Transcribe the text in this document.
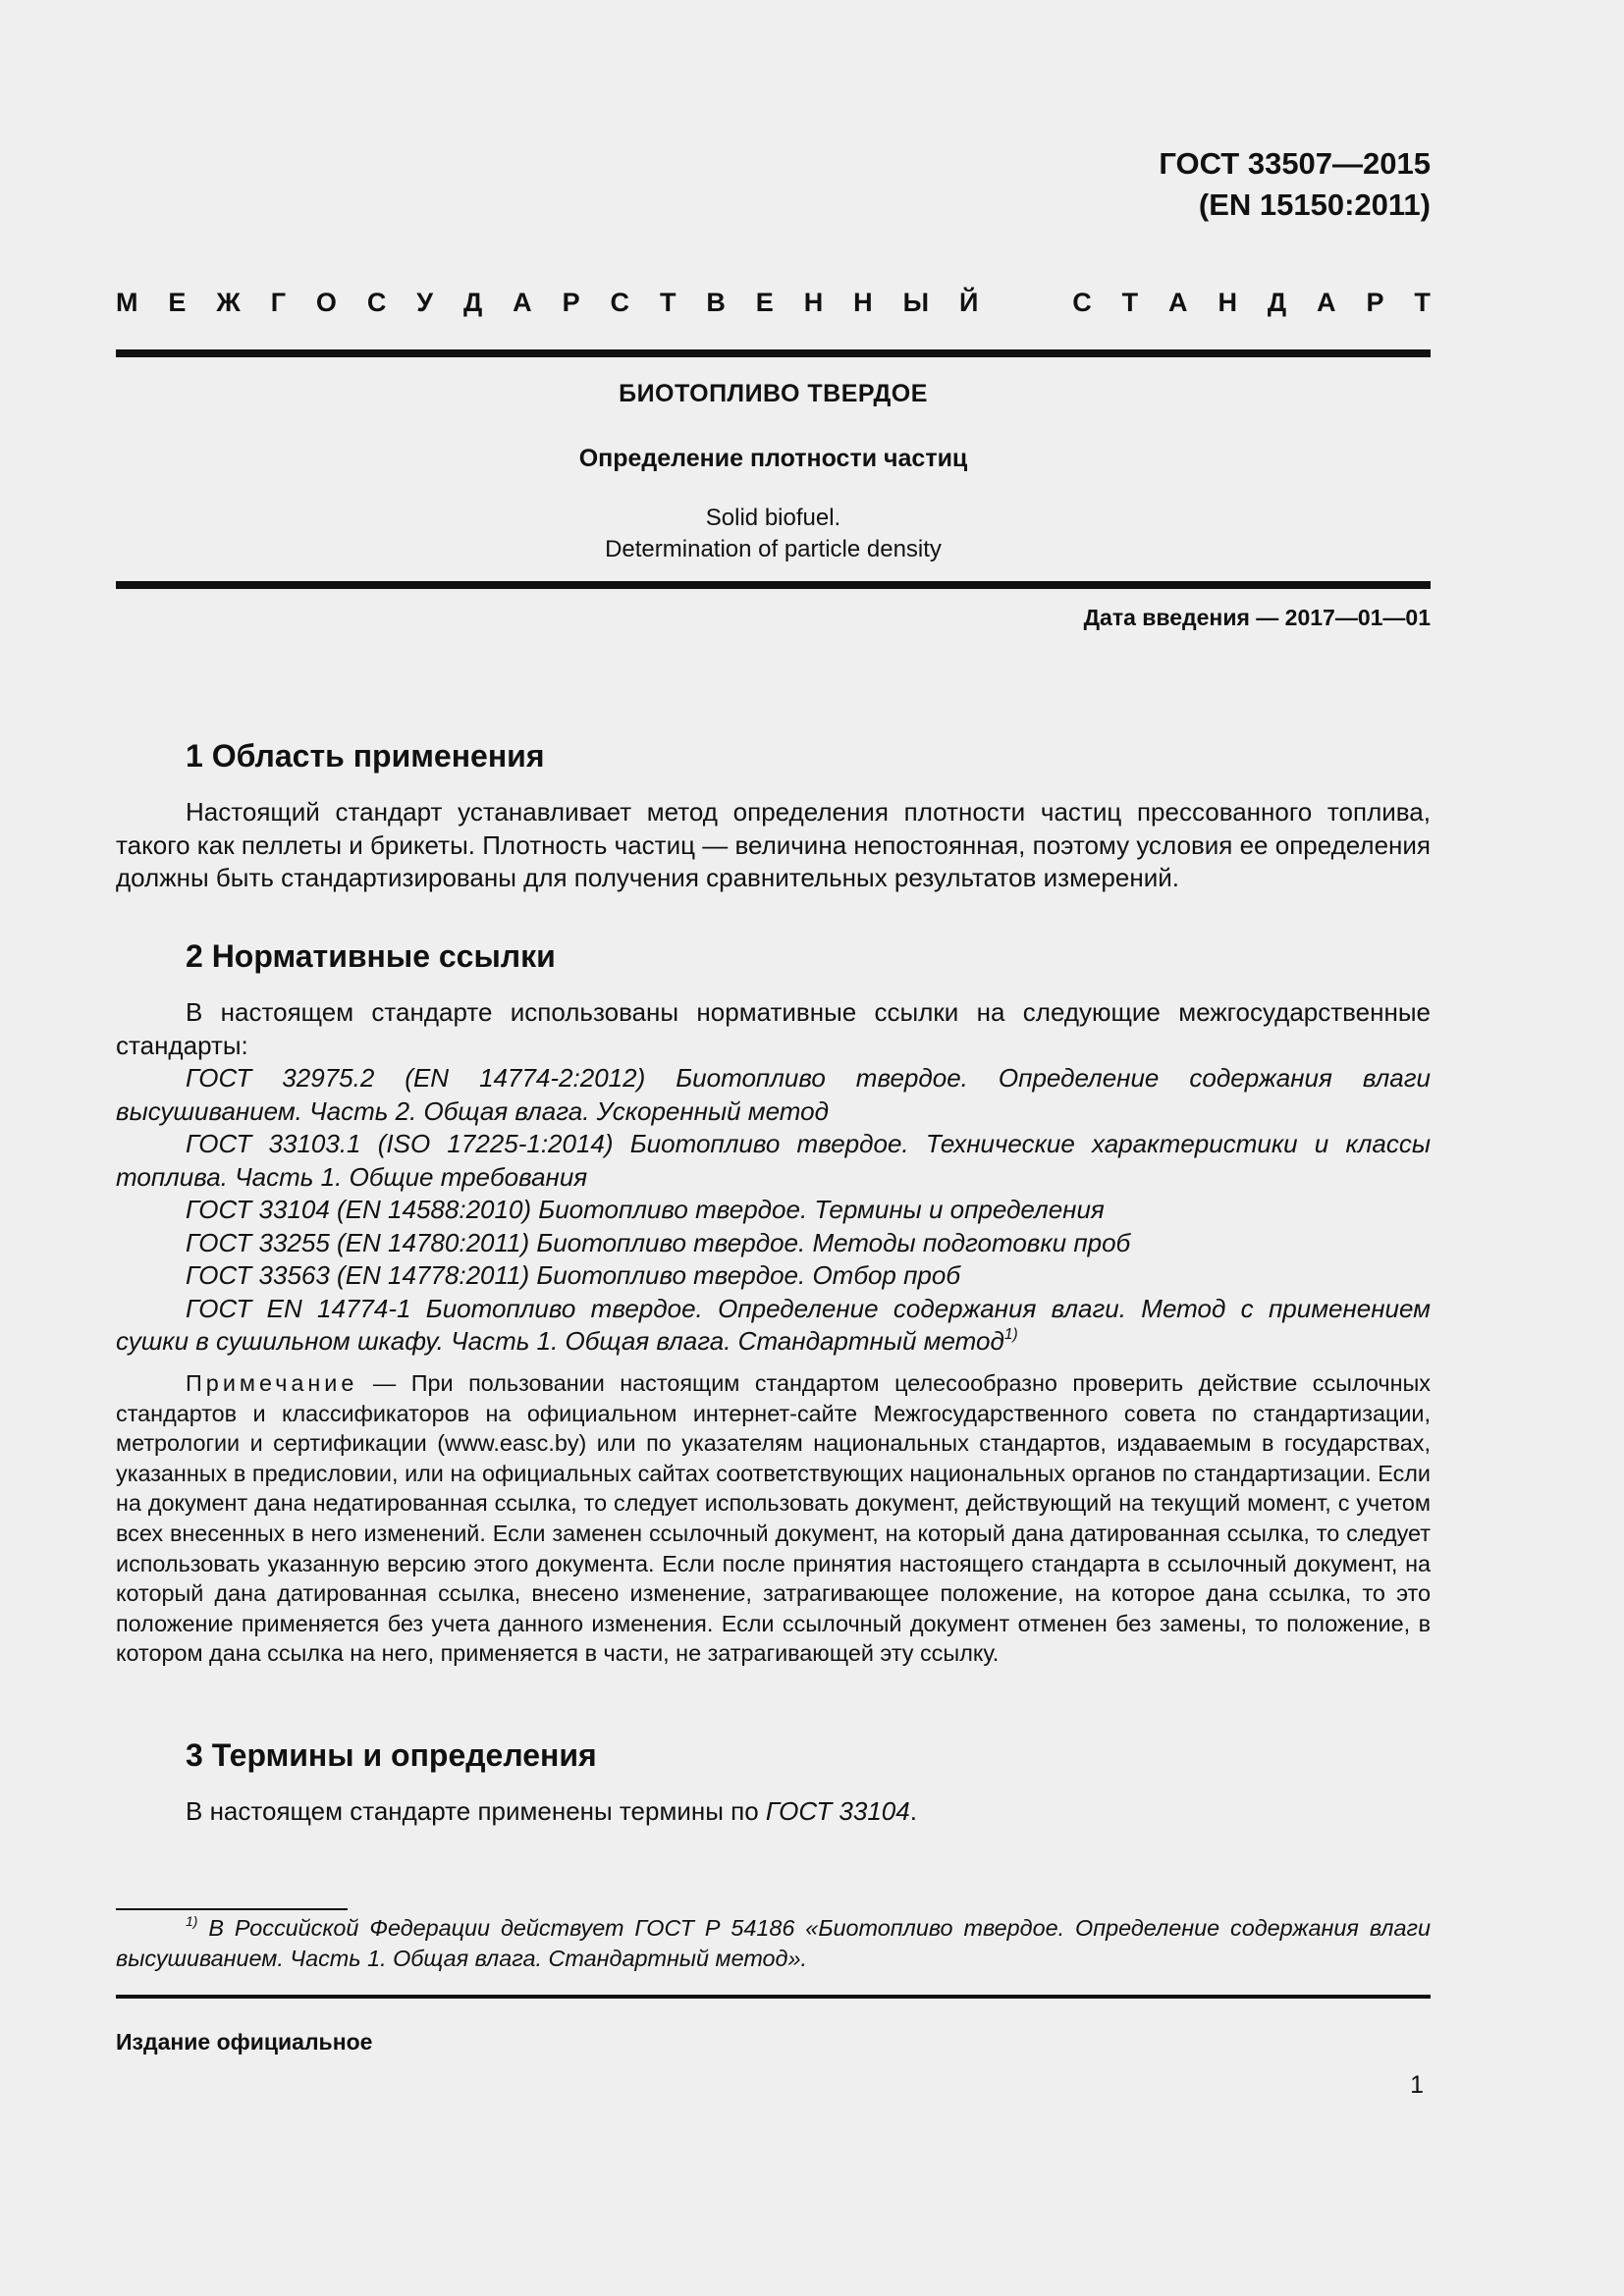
ГОСТ 33507—2015
(EN 15150:2011)
М Е Ж Г О С У Д А Р С Т В Е Н Н Ы Й	С Т А Н Д А Р Т
БИОТОПЛИВО ТВЕРДОЕ
Определение плотности частиц
Solid biofuel.
Determination of particle density
Дата введения — 2017—01—01
1 Область применения

Настоящий стандарт устанавливает метод определения плотности частиц прессованного топлива, такого как пеллеты и брикеты. Плотность частиц — величина непостоянная, поэтому условия ее определения должны быть стандартизированы для получения сравнительных результатов измерений.

2 Нормативные ссылки

В настоящем стандарте использованы нормативные ссылки на следующие межгосударственные стандарты:

ГОСТ 32975.2 (EN 14774-2:2012) Биотопливо твердое. Определение содержания влаги высушиванием. Часть 2. Общая влага. Ускоренный метод

ГОСТ 33103.1 (ISO 17225-1:2014) Биотопливо твердое. Технические характеристики и классы топлива. Часть 1. Общие требования

ГОСТ 33104 (EN 14588:2010) Биотопливо твердое. Термины и определения

ГОСТ 33255 (EN 14780:2011) Биотопливо твердое. Методы подготовки проб

ГОСТ 33563 (EN 14778:2011) Биотопливо твердое. Отбор проб

ГОСТ EN 14774-1 Биотопливо твердое. Определение содержания влаги. Метод с применением сушки в сушильном шкафу. Часть 1. Общая влага. Стандартный метод$^{1)}$

Примечание — При пользовании настоящим стандартом целесообразно проверить действие ссылочных стандартов и классификаторов на официальном интернет-сайте Межгосударственного совета по стандартизации, метрологии и сертификации (www.easc.by) или по указателям национальных стандартов, издаваемым в государствах, указанных в предисловии, или на официальных сайтах соответствующих национальных органов по стандартизации. Если на документ дана недатированная ссылка, то следует использовать документ, действующий на текущий момент, с учетом всех внесенных в него изменений. Если заменен ссылочный документ, на который дана датированная ссылка, то следует использовать указанную версию этого документа. Если после принятия настоящего стандарта в ссылочный документ, на который дана датированная ссылка, внесено изменение, затрагивающее положение, на которое дана ссылка, то это положение применяется без учета данного изменения. Если ссылочный документ отменен без замены, то положение, в котором дана ссылка на него, применяется в части, не затрагивающей эту ссылку.

3 Термины и определения

В настоящем стандарте применены термины по ГОСТ 33104.

$^{1)}$ В Российской Федерации действует ГОСТ Р 54186 «Биотопливо твердое. Определение содержания влаги высушиванием. Часть 1. Общая влага. Стандартный метод».

Издание официальное
1
